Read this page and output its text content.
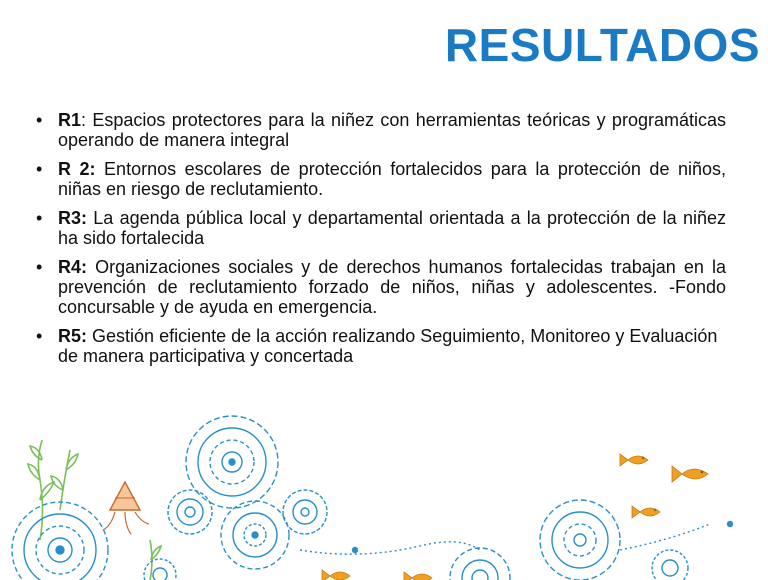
RESULTADOS
• R1: Espacios protectores para la niñez con herramientas teóricas y programáticas operando de manera integral
• R 2: Entornos escolares de protección fortalecidos para la protección de niños, niñas en riesgo de reclutamiento.
• R3: La agenda pública local y departamental orientada a la protección de la niñez ha sido fortalecida
• R4: Organizaciones sociales y de derechos humanos fortalecidas trabajan en la prevención de reclutamiento forzado de niños, niñas y adolescentes. -Fondo concursable y de ayuda en emergencia.
• R5: Gestión eficiente de la acción realizando Seguimiento, Monitoreo y Evaluación de manera participativa y concertada
